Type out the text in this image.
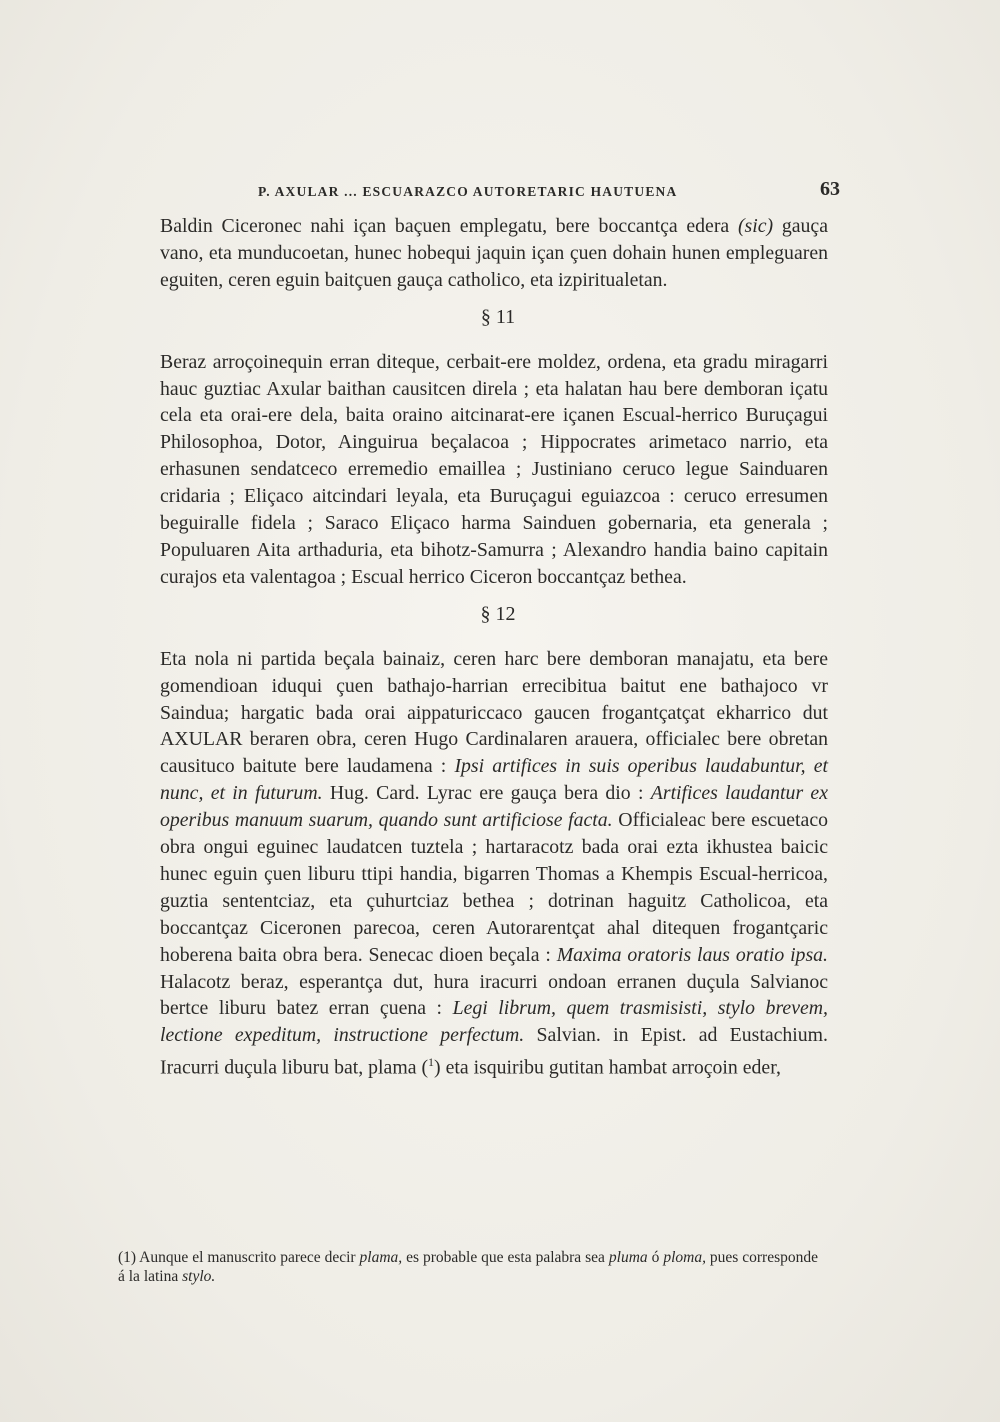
P. AXULAR ... ESCUARAZCO AUTORETARIC HAUTUENA	63

Baldin Ciceronec nahi içan baçuen emplegatu, bere boccantça edera (sic) gauça vano, eta munducoetan, hunec hobequi jaquin içan çuen dohain hunen empleguaren eguiten, ceren eguin baitçuen gauça catholico, eta izpiritualetan.

§ 11

Beraz arroçoinequin erran diteque, cerbait-ere moldez, ordena, eta gradu miragarri hauc guztiac Axular baithan causitcen direla ; eta halatan hau bere demboran içatu cela eta orai-ere dela, baita oraino aitcinarat-ere içanen Escual-herrico Buruçagui Philosophoa, Dotor, Ainguirua beçalacoa ; Hippocrates arimetaco narrio, eta erhasunen sendatceco erremedio emaillea ; Justiniano ceruco legue Sainduaren cridaria ; Eliçaco aitcindari leyala, eta Buruçagui eguiazcoa : ceruco erresumen beguiralle fidela ; Saraco Eliçaco harma Sainduen gobernaria, eta generala ; Populuaren Aita arthaduria, eta bihotz-Samurra ; Alexandro handia baino capitain curajos eta valentagoa ; Escual herrico Ciceron boccantçaz bethea.

§ 12

Eta nola ni partida beçala bainaiz, ceren harc bere demboran manajatu, eta bere gomendioan iduqui çuen bathajo-harrian errecibitua baitut ene bathajoco vr Saindua; hargatic bada orai aippaturiccaco gaucen frogantçatçat ekharrico dut AXULAR beraren obra, ceren Hugo Cardinalaren arauera, officialec bere obretan causituco baitute bere laudamena : Ipsi artifices in suis operibus laudabuntur, et nunc, et in futurum. Hug. Card. Lyrac ere gauça bera dio : Artifices laudantur ex operibus manuum suarum, quando sunt artificiose facta. Officialeac bere escuetaco obra ongui eguinec laudatcen tuztela ; hartaracotz bada orai ezta ikhustea baicic hunec eguin çuen liburu ttipi handia, bigarren Thomas a Khempis Escual-herricoa, guztia sententciaz, eta çuhurtciaz bethea ; dotrinan haguitz Catholicoa, eta boccantçaz Ciceronen parecoa, ceren Autorarentçat ahal ditequen frogantçaric hoberena baita obra bera. Senecac dioen beçala : Maxima oratoris laus oratio ipsa. Halacotz beraz, esperantça dut, hura iracurri ondoan erranen duçula Salvianoc bertce liburu batez erran çuena : Legi librum, quem trasmisisti, stylo brevem, lectione expeditum, instructione perfectum. Salvian. in Epist. ad Eustachium. Iracurri duçula liburu bat, plama ($^1$) eta isquiribu gutitan hambat arroçoin eder,

(1) Aunque el manuscrito parece decir plama, es probable que esta palabra sea pluma ó ploma, pues corresponde á la latina stylo.
